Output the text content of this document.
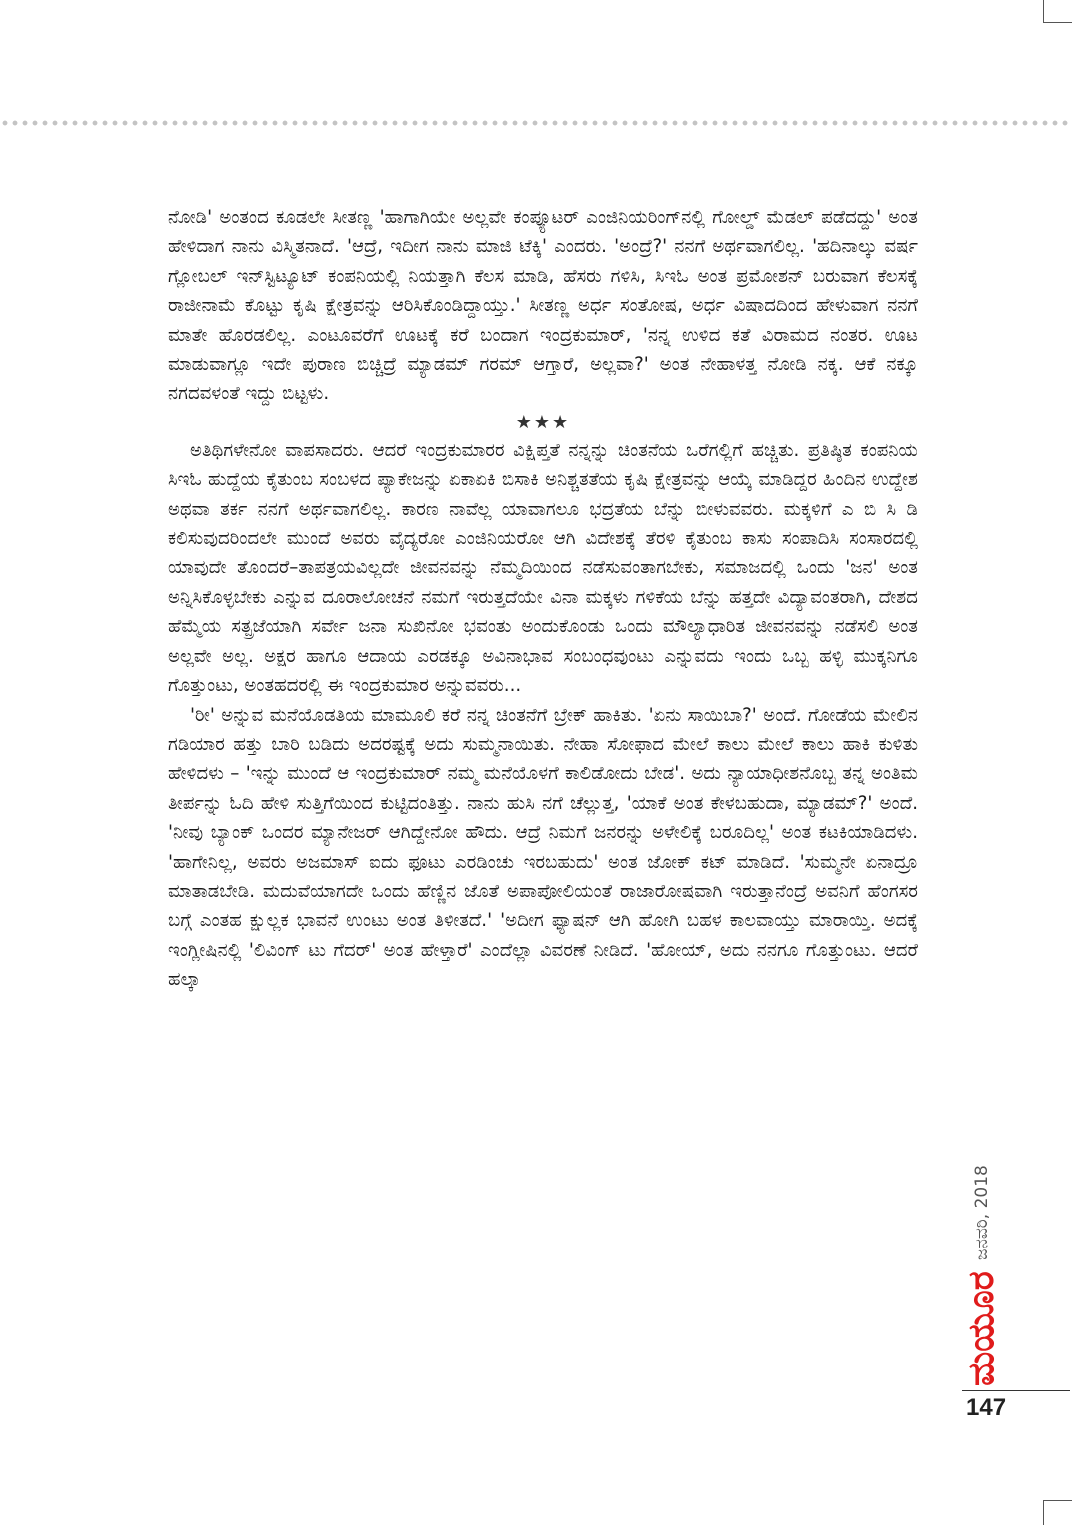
ನೋಡಿ' ಅಂತಂದ ಕೂಡಲೇ ಸೀತಣ್ಣ 'ಹಾಗಾಗಿಯೇ ಅಲ್ಲವೇ ಕಂಪ್ಯೂಟರ್ ಎಂಜಿನಿಯರಿಂಗ್‌ನಲ್ಲಿ ಗೋಲ್ಡ್ ಮೆಡಲ್ ಪಡೆದದ್ದು' ಅಂತ ಹೇಳಿದಾಗ ನಾನು ವಿಸ್ಮಿತನಾದೆ. 'ಆದ್ರೆ, ಇದೀಗ ನಾನು ಮಾಜಿ ಟೆಕ್ಕಿ' ಎಂದರು. 'ಅಂದ್ರೆ?' ನನಗೆ ಅರ್ಥವಾಗಲಿಲ್ಲ. 'ಹದಿನಾಲ್ಕು ವರ್ಷ ಗ್ಲೋಬಲ್ ಇನ್‌ಸ್ಟಿಟ್ಯೂಟ್ ಕಂಪನಿಯಲ್ಲಿ ನಿಯತ್ತಾಗಿ ಕೆಲಸ ಮಾಡಿ, ಹೆಸರು ಗಳಿಸಿ, ಸಿಇಓ ಅಂತ ಪ್ರಮೋಶನ್ ಬರುವಾಗ ಕೆಲಸಕ್ಕೆ ರಾಜೀನಾಮೆ ಕೊಟ್ಟು ಕೃಷಿ ಕ್ಷೇತ್ರವನ್ನು ಆರಿಸಿಕೊಂಡಿದ್ದಾಯ್ತು.' ಸೀತಣ್ಣ ಅರ್ಧ ಸಂತೋಷ, ಅರ್ಧ ವಿಷಾದದಿಂದ ಹೇಳುವಾಗ ನನಗೆ ಮಾತೇ ಹೊರಡಲಿಲ್ಲ. ಎಂಟೂವರೆಗೆ ಊಟಕ್ಕೆ ಕರೆ ಬಂದಾಗ ಇಂದ್ರಕುಮಾರ್, 'ನನ್ನ ಉಳಿದ ಕತೆ ವಿರಾಮದ ನಂತರ. ಊಟ ಮಾಡುವಾಗ್ಲೂ ಇದೇ ಪುರಾಣ ಬಿಚ್ಚಿದ್ರೆ ಮ್ಯಾಡಮ್ ಗರಮ್ ಆಗ್ತಾರೆ, ಅಲ್ಲವಾ?' ಅಂತ ನೇಹಾಳತ್ತ ನೋಡಿ ನಕ್ಕ. ಆಕೆ ನಕ್ಕೂ ನಗದವಳಂತೆ ಇದ್ದು ಬಿಟ್ಟಳು.

★★★

ಅತಿಥಿಗಳೇನೋ ವಾಪಸಾದರು. ಆದರೆ ಇಂದ್ರಕುಮಾರರ ವಿಕ್ಷಿಪ್ತತೆ ನನ್ನನ್ನು ಚಿಂತನೆಯ ಒರೆಗಲ್ಲಿಗೆ ಹಚ್ಚಿತು. ಪ್ರತಿಷ್ಠಿತ ಕಂಪನಿಯ ಸಿಇಓ ಹುದ್ದೆಯ ಕೈತುಂಬ ಸಂಬಳದ ಪ್ಯಾಕೇಜನ್ನು ಏಕಾಏಕಿ ಬಿಸಾಕಿ ಅನಿಶ್ಚತತೆಯ ಕೃಷಿ ಕ್ಷೇತ್ರವನ್ನು ಆಯ್ಕೆ ಮಾಡಿದ್ದರ ಹಿಂದಿನ ಉದ್ದೇಶ ಅಥವಾ ತರ್ಕ ನನಗೆ ಅರ್ಥವಾಗಲಿಲ್ಲ. ಕಾರಣ ನಾವೆಲ್ಲ ಯಾವಾಗಲೂ ಭದ್ರತೆಯ ಬೆನ್ನು ಬೀಳುವವರು. ಮಕ್ಕಳಿಗೆ ಎ ಬಿ ಸಿ ಡಿ ಕಲಿಸುವುದರಿಂದಲೇ ಮುಂದೆ ಅವರು ವೈದ್ಯರೋ ಎಂಜಿನಿಯರೋ ಆಗಿ ವಿದೇಶಕ್ಕೆ ತೆರಳಿ ಕೈತುಂಬ ಕಾಸು ಸಂಪಾದಿಸಿ ಸಂಸಾರದಲ್ಲಿ ಯಾವುದೇ ತೊಂದರೆ–ತಾಪತ್ರಯವಿಲ್ಲದೇ ಜೀವನವನ್ನು ನೆಮ್ಮದಿಯಿಂದ ನಡೆಸುವಂತಾಗಬೇಕು, ಸಮಾಜದಲ್ಲಿ ಒಂದು 'ಜನ' ಅಂತ ಅನ್ನಿಸಿಕೊಳ್ಳಬೇಕು ಎನ್ನುವ ದೂರಾಲೋಚನೆ ನಮಗೆ ಇರುತ್ತದೆಯೇ ವಿನಾ ಮಕ್ಕಳು ಗಳಿಕೆಯ ಬೆನ್ನು ಹತ್ತದೇ ವಿದ್ಯಾವಂತರಾಗಿ, ದೇಶದ ಹೆಮ್ಮೆಯ ಸತ್ಪ್ರಜೆಯಾಗಿ ಸರ್ವೇ ಜನಾ ಸುಖಿನೋ ಭವಂತು ಅಂದುಕೊಂಡು ಒಂದು ಮೌಲ್ಯಾಧಾರಿತ ಜೀವನವನ್ನು ನಡೆಸಲಿ ಅಂತ ಅಲ್ಲವೇ ಅಲ್ಲ. ಅಕ್ಷರ ಹಾಗೂ ಆದಾಯ ಎರಡಕ್ಕೂ ಅವಿನಾಭಾವ ಸಂಬಂಧವುಂಟು ಎನ್ನುವದು ಇಂದು ಒಬ್ಬ ಹಳ್ಳಿ ಮುಕ್ಕನಿಗೂ ಗೊತ್ತುಂಟು, ಅಂತಹದರಲ್ಲಿ ಈ ಇಂದ್ರಕುಮಾರ ಅನ್ನುವವರು...

'ರೀ' ಅನ್ನುವ ಮನೆಯೊಡತಿಯ ಮಾಮೂಲಿ ಕರೆ ನನ್ನ ಚಿಂತನೆಗೆ ಬ್ರೇಕ್ ಹಾಕಿತು. 'ಏನು ಸಾಯಿಬಾ?' ಅಂದೆ. ಗೋಡೆಯ ಮೇಲಿನ ಗಡಿಯಾರ ಹತ್ತು ಬಾರಿ ಬಡಿದು ಅದರಷ್ಟಕ್ಕೆ ಅದು ಸುಮ್ಮನಾಯಿತು. ನೇಹಾ ಸೋಫಾದ ಮೇಲೆ ಕಾಲು ಮೇಲೆ ಕಾಲು ಹಾಕಿ ಕುಳಿತು ಹೇಳಿದಳು – 'ಇನ್ನು ಮುಂದೆ ಆ ಇಂದ್ರಕುಮಾರ್ ನಮ್ಮ ಮನೆಯೊಳಗೆ ಕಾಲಿಡೋದು ಬೇಡ'. ಅದು ನ್ಯಾಯಾಧೀಶನೊಬ್ಬ ತನ್ನ ಅಂತಿಮ ತೀರ್ಪನ್ನು ಓದಿ ಹೇಳಿ ಸುತ್ತಿಗೆಯಿಂದ ಕುಟ್ಟಿದಂತಿತ್ತು. ನಾನು ಹುಸಿ ನಗೆ ಚೆಲ್ಲುತ್ತ, 'ಯಾಕೆ ಅಂತ ಕೇಳಬಹುದಾ, ಮ್ಯಾಡಮ್?' ಅಂದೆ. 'ನೀವು ಬ್ಯಾಂಕ್ ಒಂದರ ಮ್ಯಾನೇಜರ್ ಆಗಿದ್ದೇನೋ ಹೌದು. ಆದ್ರೆ ನಿಮಗೆ ಜನರನ್ನು ಅಳೇಲಿಕ್ಕೆ ಬರೂದಿಲ್ಲ' ಅಂತ ಕಟಕಿಯಾಡಿದಳು. 'ಹಾಗೇನಿಲ್ಲ, ಅವರು ಅಜಮಾಸ್ ಐದು ಫೂಟು ಎರಡಿಂಚು ಇರಬಹುದು' ಅಂತ ಜೋಕ್ ಕಟ್ ಮಾಡಿದೆ. 'ಸುಮ್ಮನೇ ಏನಾದ್ರೂ ಮಾತಾಡಬೇಡಿ. ಮದುವೆಯಾಗದೇ ಒಂದು ಹೆಣ್ಣಿನ ಜೊತೆ ಅಪಾಪೋಲಿಯಂತೆ ರಾಜಾರೋಷವಾಗಿ ಇರುತ್ತಾನೆಂದ್ರೆ ಅವನಿಗೆ ಹೆಂಗಸರ ಬಗ್ಗೆ ಎಂತಹ ಕ್ಷುಲ್ಲಕ ಭಾವನೆ ಉಂಟು ಅಂತ ತಿಳೀತದೆ.' 'ಅದೀಗ ಫ್ಯಾಷನ್ ಆಗಿ ಹೋಗಿ ಬಹಳ ಕಾಲವಾಯ್ತು ಮಾರಾಯ್ತಿ. ಅದಕ್ಕೆ ಇಂಗ್ಲೀಷಿನಲ್ಲಿ 'ಲಿವಿಂಗ್ ಟು ಗೆದರ್' ಅಂತ ಹೇಳ್ತಾರೆ' ಎಂದೆಲ್ಲಾ ವಿವರಣೆ ನೀಡಿದೆ. 'ಹೋಯ್, ಅದು ನನಗೂ ಗೊತ್ತುಂಟು. ಆದರೆ ಹಲ್ಕಾ

ಜನವರಿ, 2018
ಮಯೂರ
147
